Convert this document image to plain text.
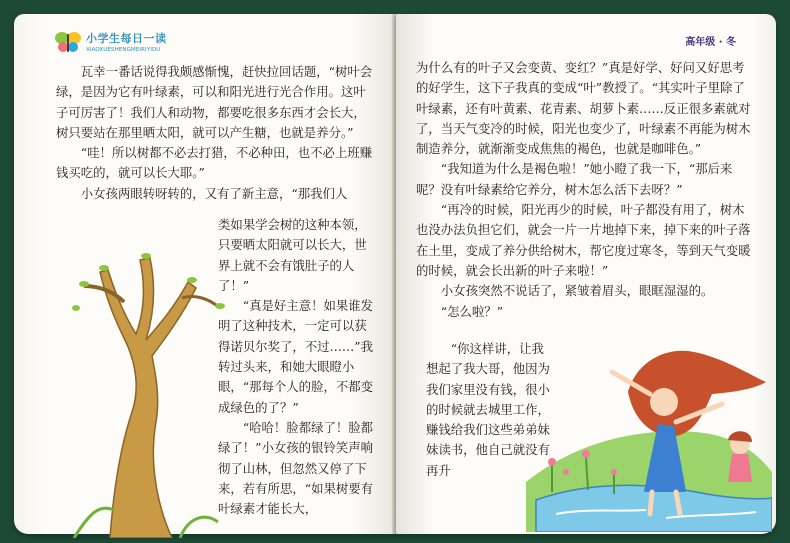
小学生每日一读
XIAOXUESHENGMEIRIYIDU

瓦幸一番话说得我颇感惭愧，赶快拉回话题，“树叶会绿，是因为它有叶绿素，可以和阳光进行光合作用。这叶子可厉害了！我们人和动物，都要吃很多东西才会长大，树只要站在那里晒太阳，就可以产生糖，也就是养分。”

“哇！所以树都不必去打猎，不必种田，也不必上班赚钱买吃的，就可以长大耶。”

小女孩两眼转呀转的，又有了新主意，“那我们人

类如果学会树的这种本领，只要晒太阳就可以长大，世界上就不会有饿肚子的人了！”

“真是好主意！如果谁发明了这种技术，一定可以获得诺贝尔奖了，不过……”我转过头来，和她大眼瞪小眼，“那每个人的脸，不都变成绿色的了？”

“哈哈！脸都绿了！脸都绿了！”小女孩的银铃笑声响彻了山林，但忽然又停了下来，若有所思，“如果树要有叶绿素才能长大，

高年级 · 冬

为什么有的叶子又会变黄、变红？”真是好学、好问又好思考的好学生，这下子我真的变成“叶”教授了。“其实叶子里除了叶绿素，还有叶黄素、花青素、胡萝卜素……反正很多素就对了，当天气变冷的时候，阳光也变少了，叶绿素不再能为树木制造养分，就渐渐变成焦焦的褐色，也就是咖啡色。”

“我知道为什么是褐色啦！”她小瞪了我一下，“那后来呢？没有叶绿素给它养分，树木怎么活下去呀？”

“再冷的时候，阳光再少的时候，叶子都没有用了，树木也没办法负担它们，就会一片一片地掉下来，掉下来的叶子落在土里，变成了养分供给树木，帮它度过寒冬，等到天气变暖的时候，就会长出新的叶子来啦！”

小女孩突然不说话了，紧皱着眉头，眼眶湿湿的。

“怎么啦？”

“你这样讲，让我想起了我大哥，他因为我们家里没有钱，很小的时候就去城里工作，赚钱给我们这些弟弟妹妹读书，他自己就没有再升
